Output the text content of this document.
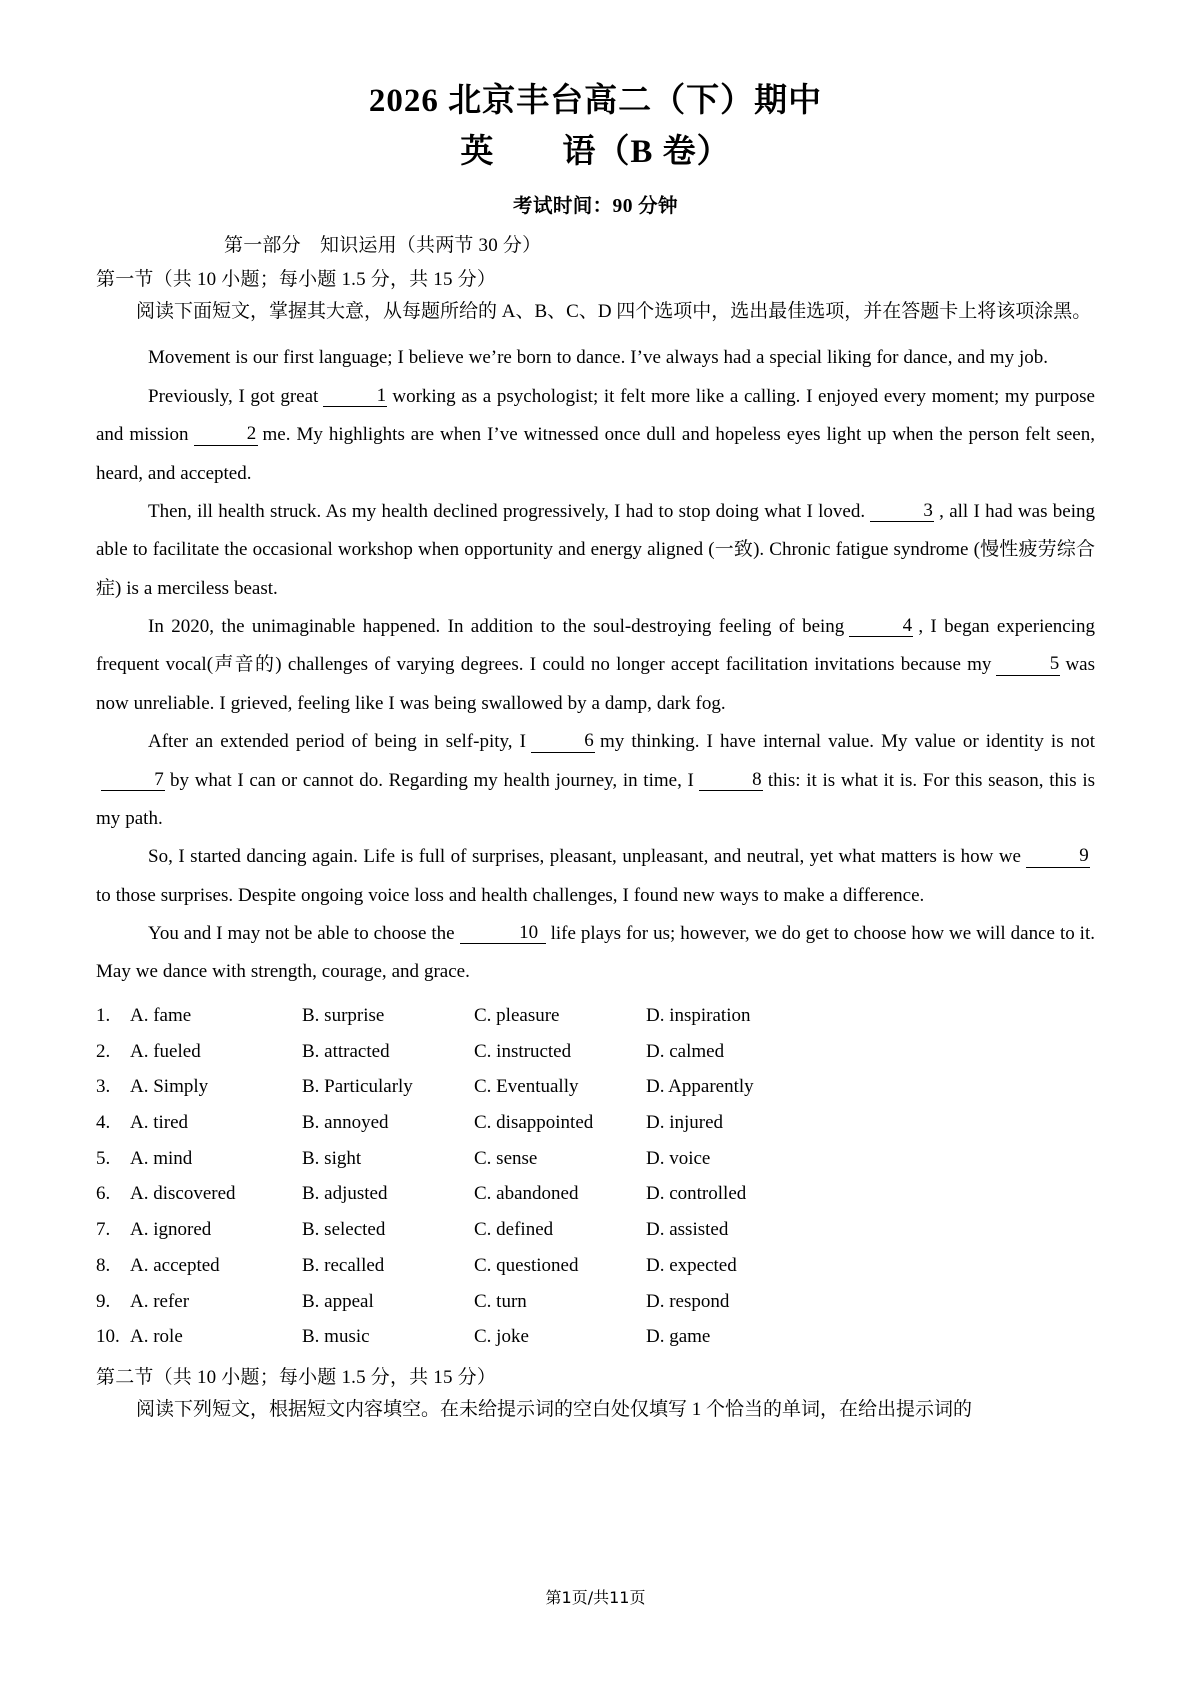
2026 北京丰台高二（下）期中
英　　语（B 卷）
考试时间：90 分钟
第一部分　知识运用（共两节 30 分）
第一节（共 10 小题；每小题 1.5 分，共 15 分）
阅读下面短文，掌握其大意，从每题所给的 A、B、C、D 四个选项中，选出最佳选项，并在答题卡上将该项涂黑。

Movement is our first language; I believe we’re born to dance. I’ve always had a special liking for dance, and my job.

Previously, I got great	1 working as a psychologist; it felt more like a calling. I enjoyed every moment; my purpose and mission	2 me. My highlights are when I’ve witnessed once dull and hopeless eyes light up when the person felt seen, heard, and accepted.

Then, ill health struck. As my health declined progressively, I had to stop doing what I loved.	3 , all I had was being able to facilitate the occasional workshop when opportunity and energy aligned (一致). Chronic fatigue syndrome (慢性疲劳综合症) is a merciless beast.

In 2020, the unimaginable happened. In addition to the soul-destroying feeling of being	4 , I began experiencing frequent vocal(声音的) challenges of varying degrees. I could no longer accept facilitation invitations because my	5 was now unreliable. I grieved, feeling like I was being swallowed by a damp, dark fog.

After an extended period of being in self-pity, I	6 my thinking. I have internal value. My value or identity is not7 by what I can or cannot do. Regarding my health journey, in time, I	8 this: it is what it is. For this season, this is my path.

So, I started dancing again. Life is full of surprises, pleasant, unpleasant, and neutral, yet what matters is how we	9to those surprises. Despite ongoing voice loss and health challenges, I found new ways to make a difference.

You and I may not be able to choose the	10 life plays for us; however, we do get to choose how we will dance to it. May we dance with strength, courage, and grace.

1.	A. fame	B. surprise	C. pleasure	D. inspiration
2.	A. fueled	B. attracted	C. instructed	D. calmed
3.	A. Simply	B. Particularly	C. Eventually	D. Apparently
4.	A. tired	B. annoyed	C. disappointed	D. injured
5.	A. mind	B. sight	C. sense	D. voice
6.	A. discovered	B. adjusted	C. abandoned	D. controlled
7.	A. ignored	B. selected	C. defined	D. assisted
8.	A. accepted	B. recalled	C. questioned	D. expected
9.	A. refer	B. appeal	C. turn	D. respond
10. A. role	B. music	C. joke	D. game
第二节（共 10 小题；每小题 1.5 分，共 15 分）
阅读下列短文，根据短文内容填空。在未给提示词的空白处仅填写 1 个恰当的单词，在给出提示词的
第1页/共11页
